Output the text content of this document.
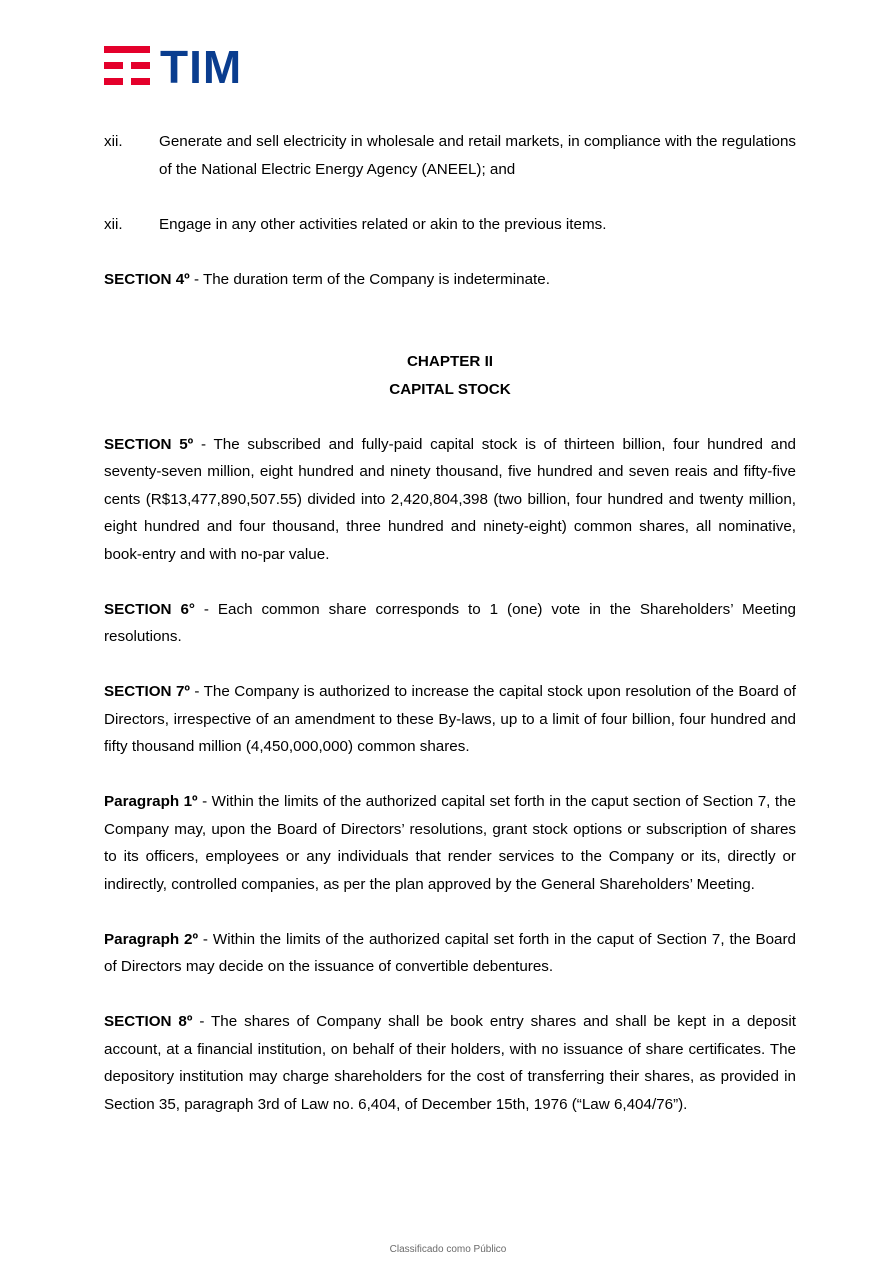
TIM
xii.	Generate and sell electricity in wholesale and retail markets, in compliance with the regulations of the National Electric Energy Agency (ANEEL); and
xii.	Engage in any other activities related or akin to the previous items.

SECTION 4º - The duration term of the Company is indeterminate.

CHAPTER II

CAPITAL STOCK

SECTION 5º - The subscribed and fully-paid capital stock is of thirteen billion, four hundred and seventy-seven million, eight hundred and ninety thousand, five hundred and seven reais and fifty-five cents (R$13,477,890,507.55) divided into 2,420,804,398 (two billion, four hundred and twenty million, eight hundred and four thousand, three hundred and ninety-eight) common shares, all nominative, book-entry and with no-par value.

SECTION 6° - Each common share corresponds to 1 (one) vote in the Shareholders’ Meeting resolutions.

SECTION 7º - The Company is authorized to increase the capital stock upon resolution of the Board of Directors, irrespective of an amendment to these By-laws, up to a limit of four billion, four hundred and fifty thousand million (4,450,000,000) common shares.

Paragraph 1º - Within the limits of the authorized capital set forth in the caput section of Section 7, the Company may, upon the Board of Directors’ resolutions, grant stock options or subscription of shares to its officers, employees or any individuals that render services to the Company or its, directly or indirectly, controlled companies, as per the plan approved by the General Shareholders’ Meeting.

Paragraph 2º - Within the limits of the authorized capital set forth in the caput of Section 7, the Board of Directors may decide on the issuance of convertible debentures.

SECTION 8º - The shares of Company shall be book entry shares and shall be kept in a deposit account, at a financial institution, on behalf of their holders, with no issuance of share certificates. The depository institution may charge shareholders for the cost of transferring their shares, as provided in Section 35, paragraph 3rd of Law no. 6,404, of December 15th, 1976 (“Law 6,404/76”).

Classificado como Público
